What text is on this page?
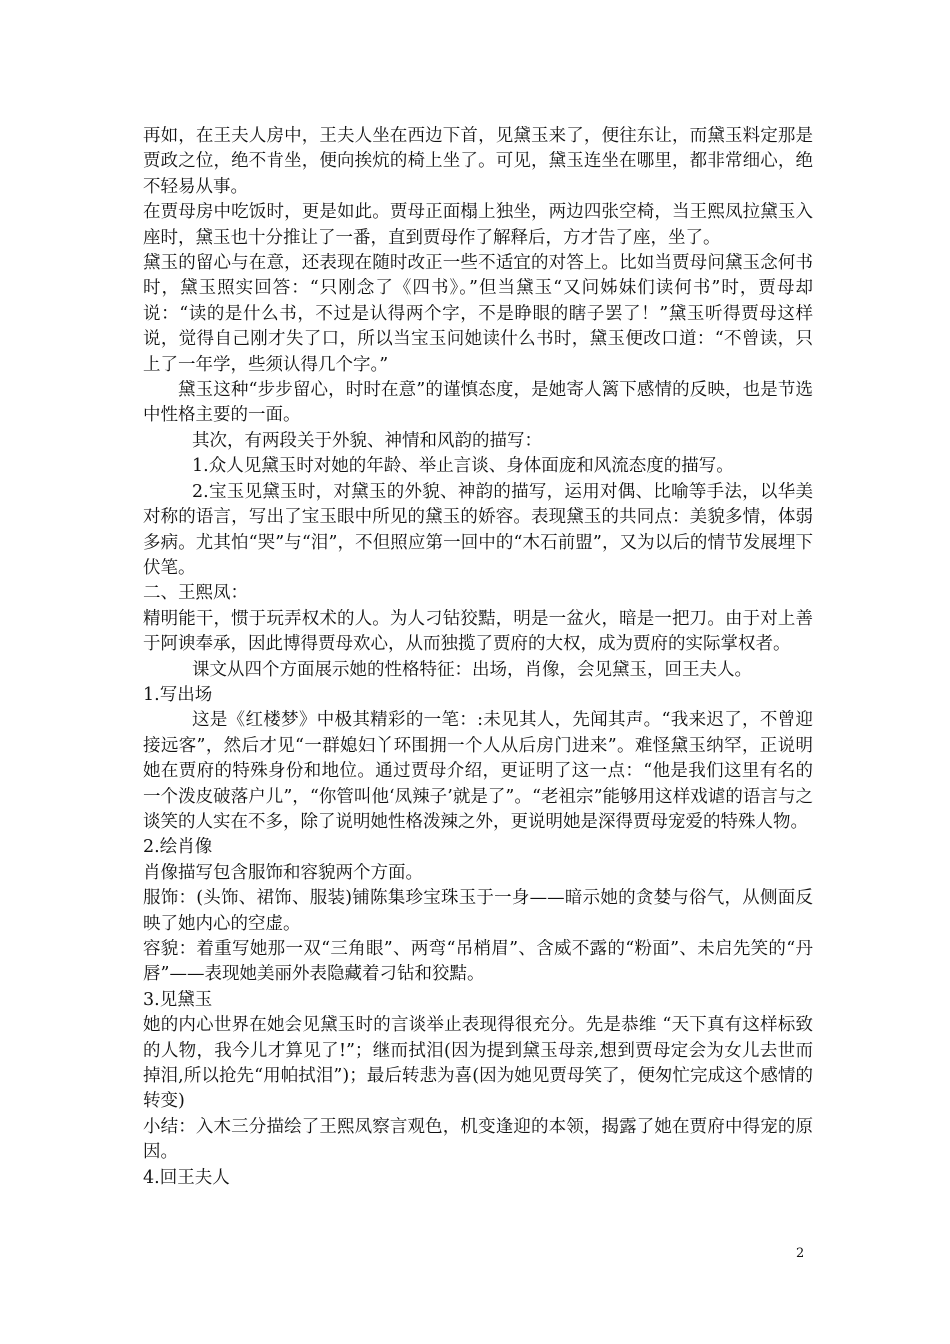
再如，在王夫人房中，王夫人坐在西边下首，见黛玉来了，便往东让，而黛玉料定那是贾政之位，绝不肯坐，便向挨炕的椅上坐了。可见，黛玉连坐在哪里，都非常细心，绝不轻易从事。

在贾母房中吃饭时，更是如此。贾母正面榻上独坐，两边四张空椅，当王熙凤拉黛玉入座时，黛玉也十分推让了一番，直到贾母作了解释后，方才告了座，坐了。

黛玉的留心与在意，还表现在随时改正一些不适宜的对答上。比如当贾母问黛玉念何书时，黛玉照实回答：“只刚念了《四书》。”但当黛玉“又问姊妹们读何书”时，贾母却说：“读的是什么书，不过是认得两个字，不是睁眼的瞎子罢了！”黛玉听得贾母这样说，觉得自己刚才失了口，所以当宝玉问她读什么书时，黛玉便改口道：“不曾读，只上了一年学，些须认得几个字。”

黛玉这种“步步留心，时时在意”的谨慎态度，是她寄人篱下感情的反映，也是节选中性格主要的一面。

其次，有两段关于外貌、神情和风韵的描写：

1.众人见黛玉时对她的年龄、举止言谈、身体面庞和风流态度的描写。

2.宝玉见黛玉时，对黛玉的外貌、神韵的描写，运用对偶、比喻等手法，以华美对称的语言，写出了宝玉眼中所见的黛玉的娇容。表现黛玉的共同点：美貌多情，体弱多病。尤其怕“哭”与“泪”，不但照应第一回中的“木石前盟”，又为以后的情节发展埋下伏笔。

二、王熙凤：

精明能干，惯于玩弄权术的人。为人刁钻狡黠，明是一盆火，暗是一把刀。由于对上善于阿谀奉承，因此博得贾母欢心，从而独揽了贾府的大权，成为贾府的实际掌权者。

课文从四个方面展示她的性格特征：出场，肖像，会见黛玉，回王夫人。

1.写出场

这是《红楼梦》中极其精彩的一笔：:未见其人，先闻其声。“我来迟了，不曾迎接远客”，然后才见“一群媳妇丫环围拥一个人从后房门进来”。难怪黛玉纳罕，正说明她在贾府的特殊身份和地位。通过贾母介绍，更证明了这一点：“他是我们这里有名的一个泼皮破落户儿”，“你管叫他‘凤辣子’就是了”。“老祖宗”能够用这样戏谑的语言与之谈笑的人实在不多，除了说明她性格泼辣之外，更说明她是深得贾母宠爱的特殊人物。

2.绘肖像

肖像描写包含服饰和容貌两个方面。

服饰：(头饰、裙饰、服装)铺陈集珍宝珠玉于一身——暗示她的贪婪与俗气，从侧面反映了她内心的空虚。

容貌：着重写她那一双“三角眼”、两弯“吊梢眉”、含威不露的“粉面”、未启先笑的“丹唇”——表现她美丽外表隐藏着刁钻和狡黠。

3.见黛玉

她的内心世界在她会见黛玉时的言谈举止表现得很充分。先是恭维 “天下真有这样标致的人物，我今儿才算见了!”；继而拭泪(因为提到黛玉母亲,想到贾母定会为女儿去世而掉泪,所以抢先“用帕拭泪”)；最后转悲为喜(因为她见贾母笑了，便匆忙完成这个感情的转变)

小结：入木三分描绘了王熙凤察言观色，机变逢迎的本领，揭露了她在贾府中得宠的原因。

4.回王夫人

2
